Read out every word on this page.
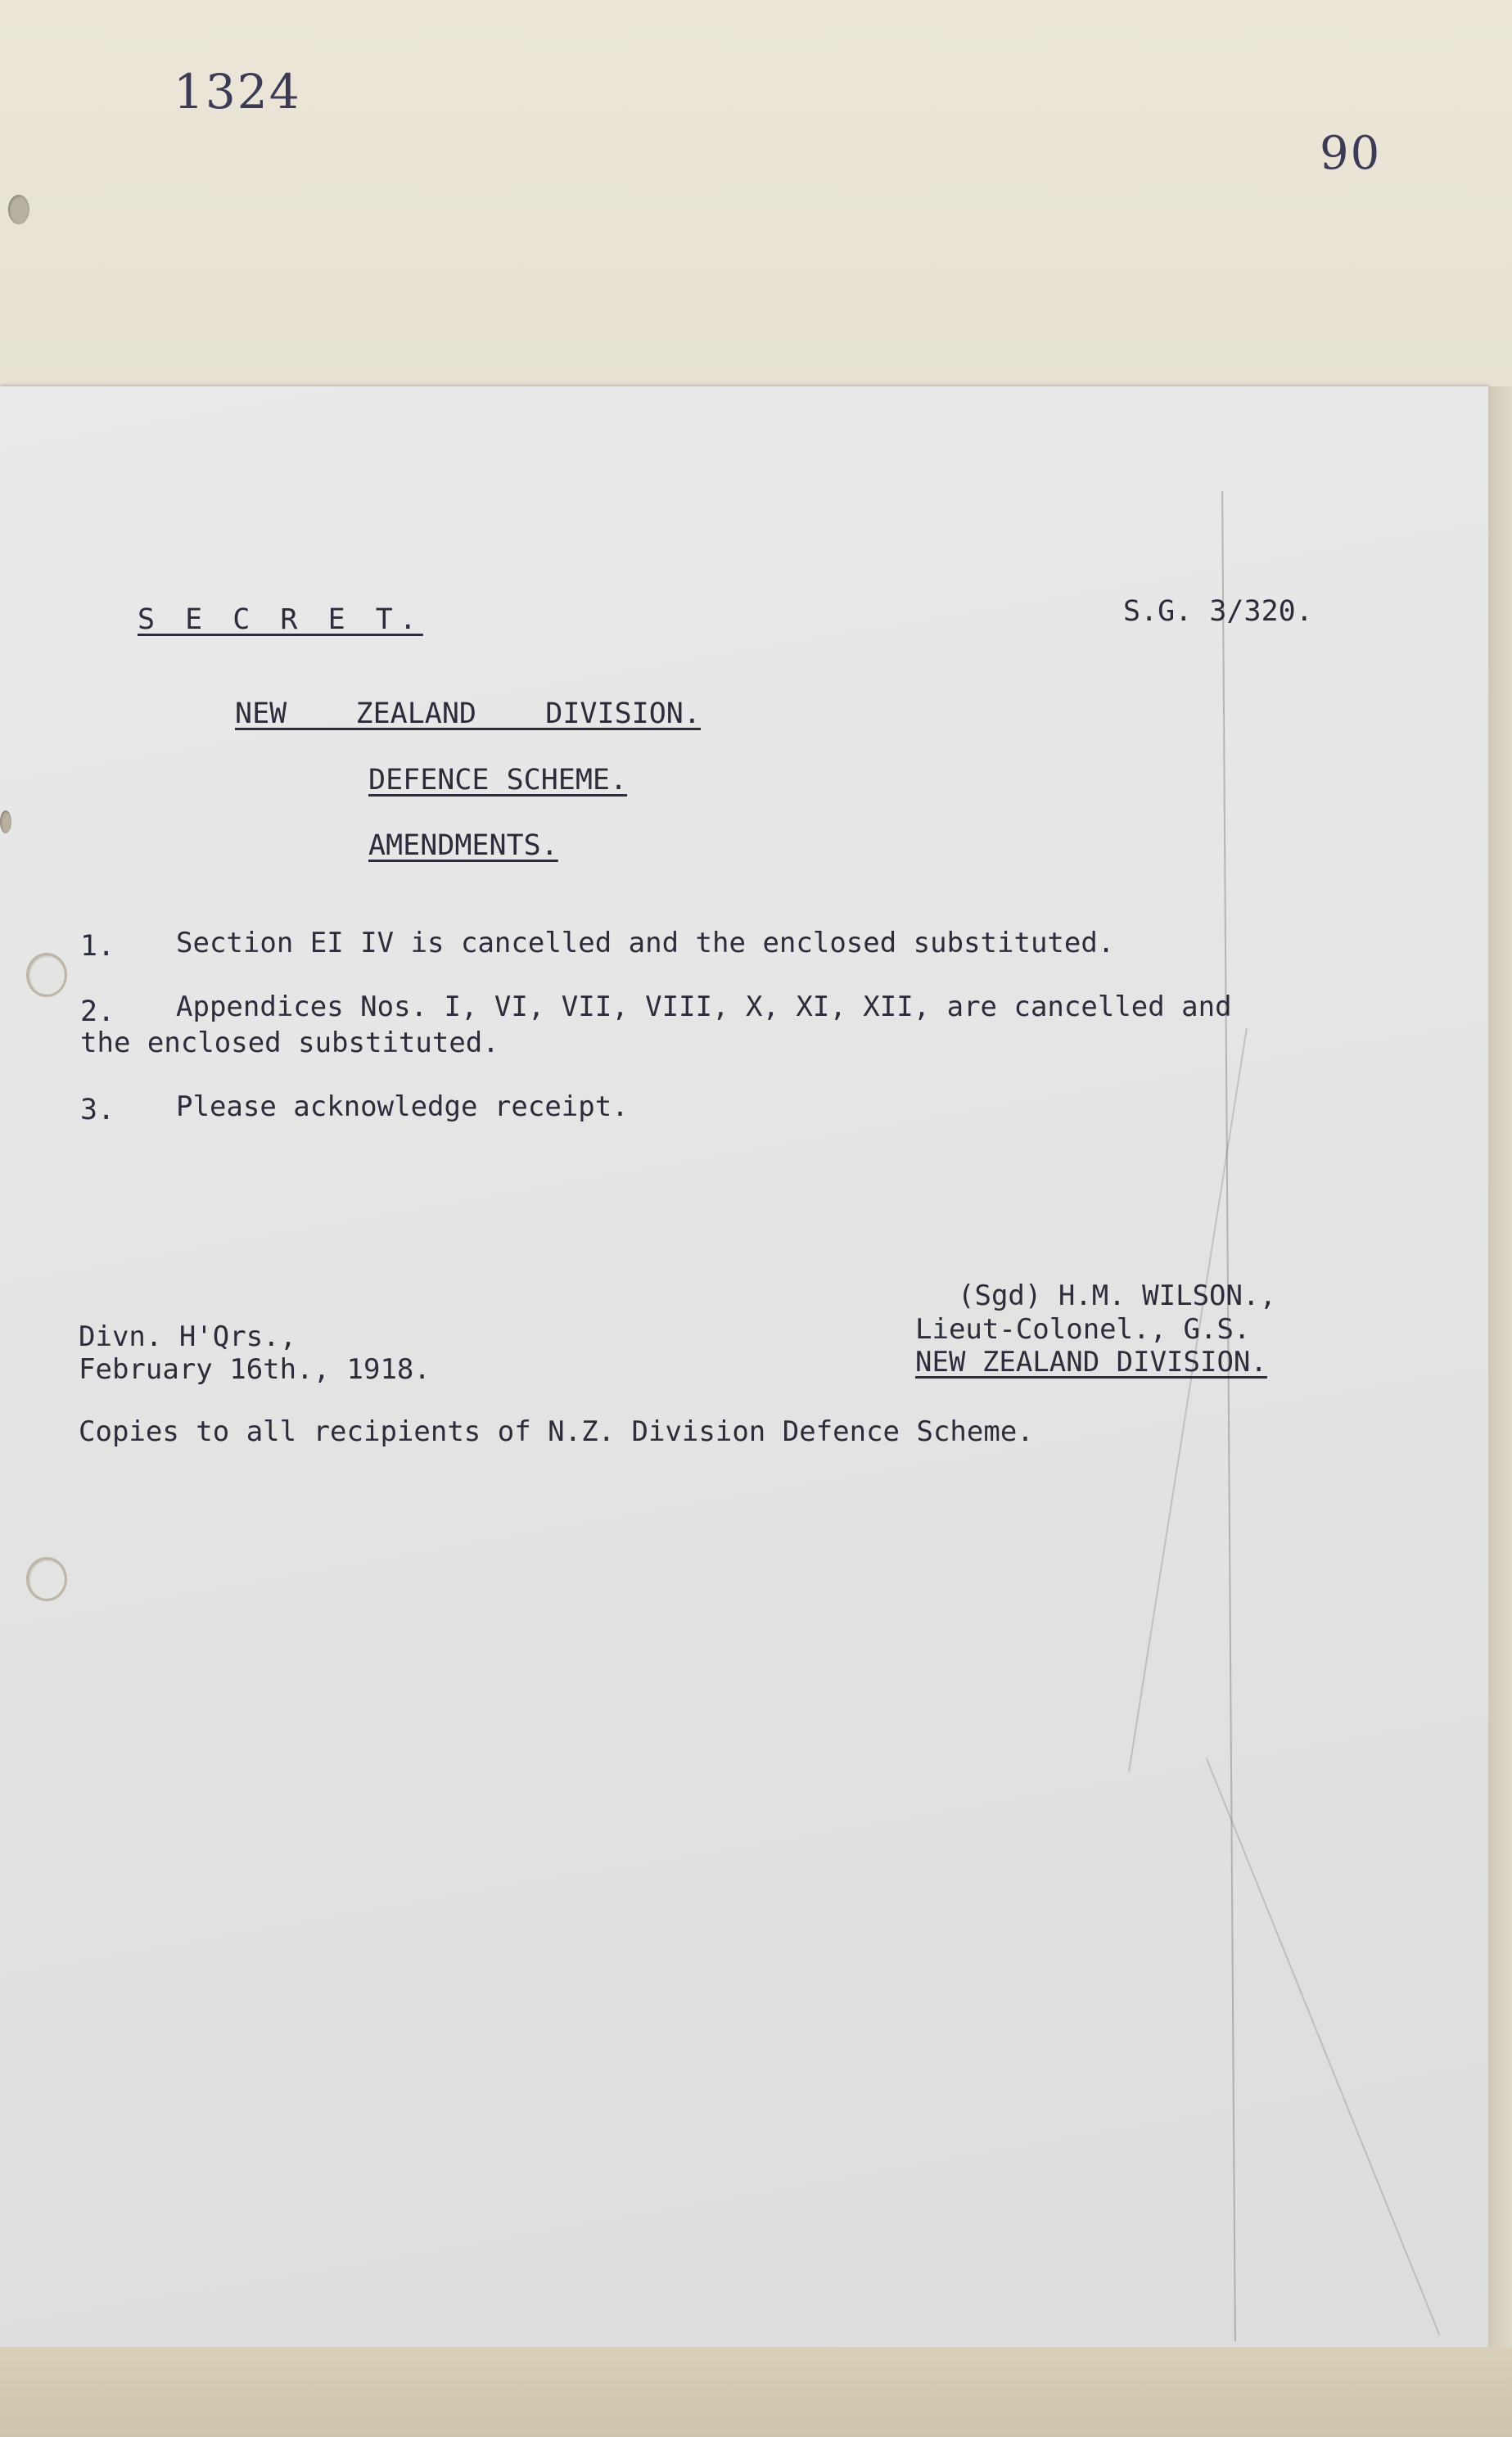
1324
90
S E C R E T.	S.G. 3/320.
NEW    ZEALAND    DIVISION.
DEFENCE SCHEME.
AMENDMENTS.
1. Section EI IV is cancelled and the enclosed substituted.
2. Appendices Nos. I, VI, VII, VIII, X, XI, XII, are cancelled and
the enclosed substituted.
3. Please acknowledge receipt.
(Sgd) H.M. WILSON.,
Lieut-Colonel., G.S.
NEW ZEALAND DIVISION.
Divn. H'Qrs.,
February 16th., 1918.
Copies to all recipients of N.Z. Division Defence Scheme.
